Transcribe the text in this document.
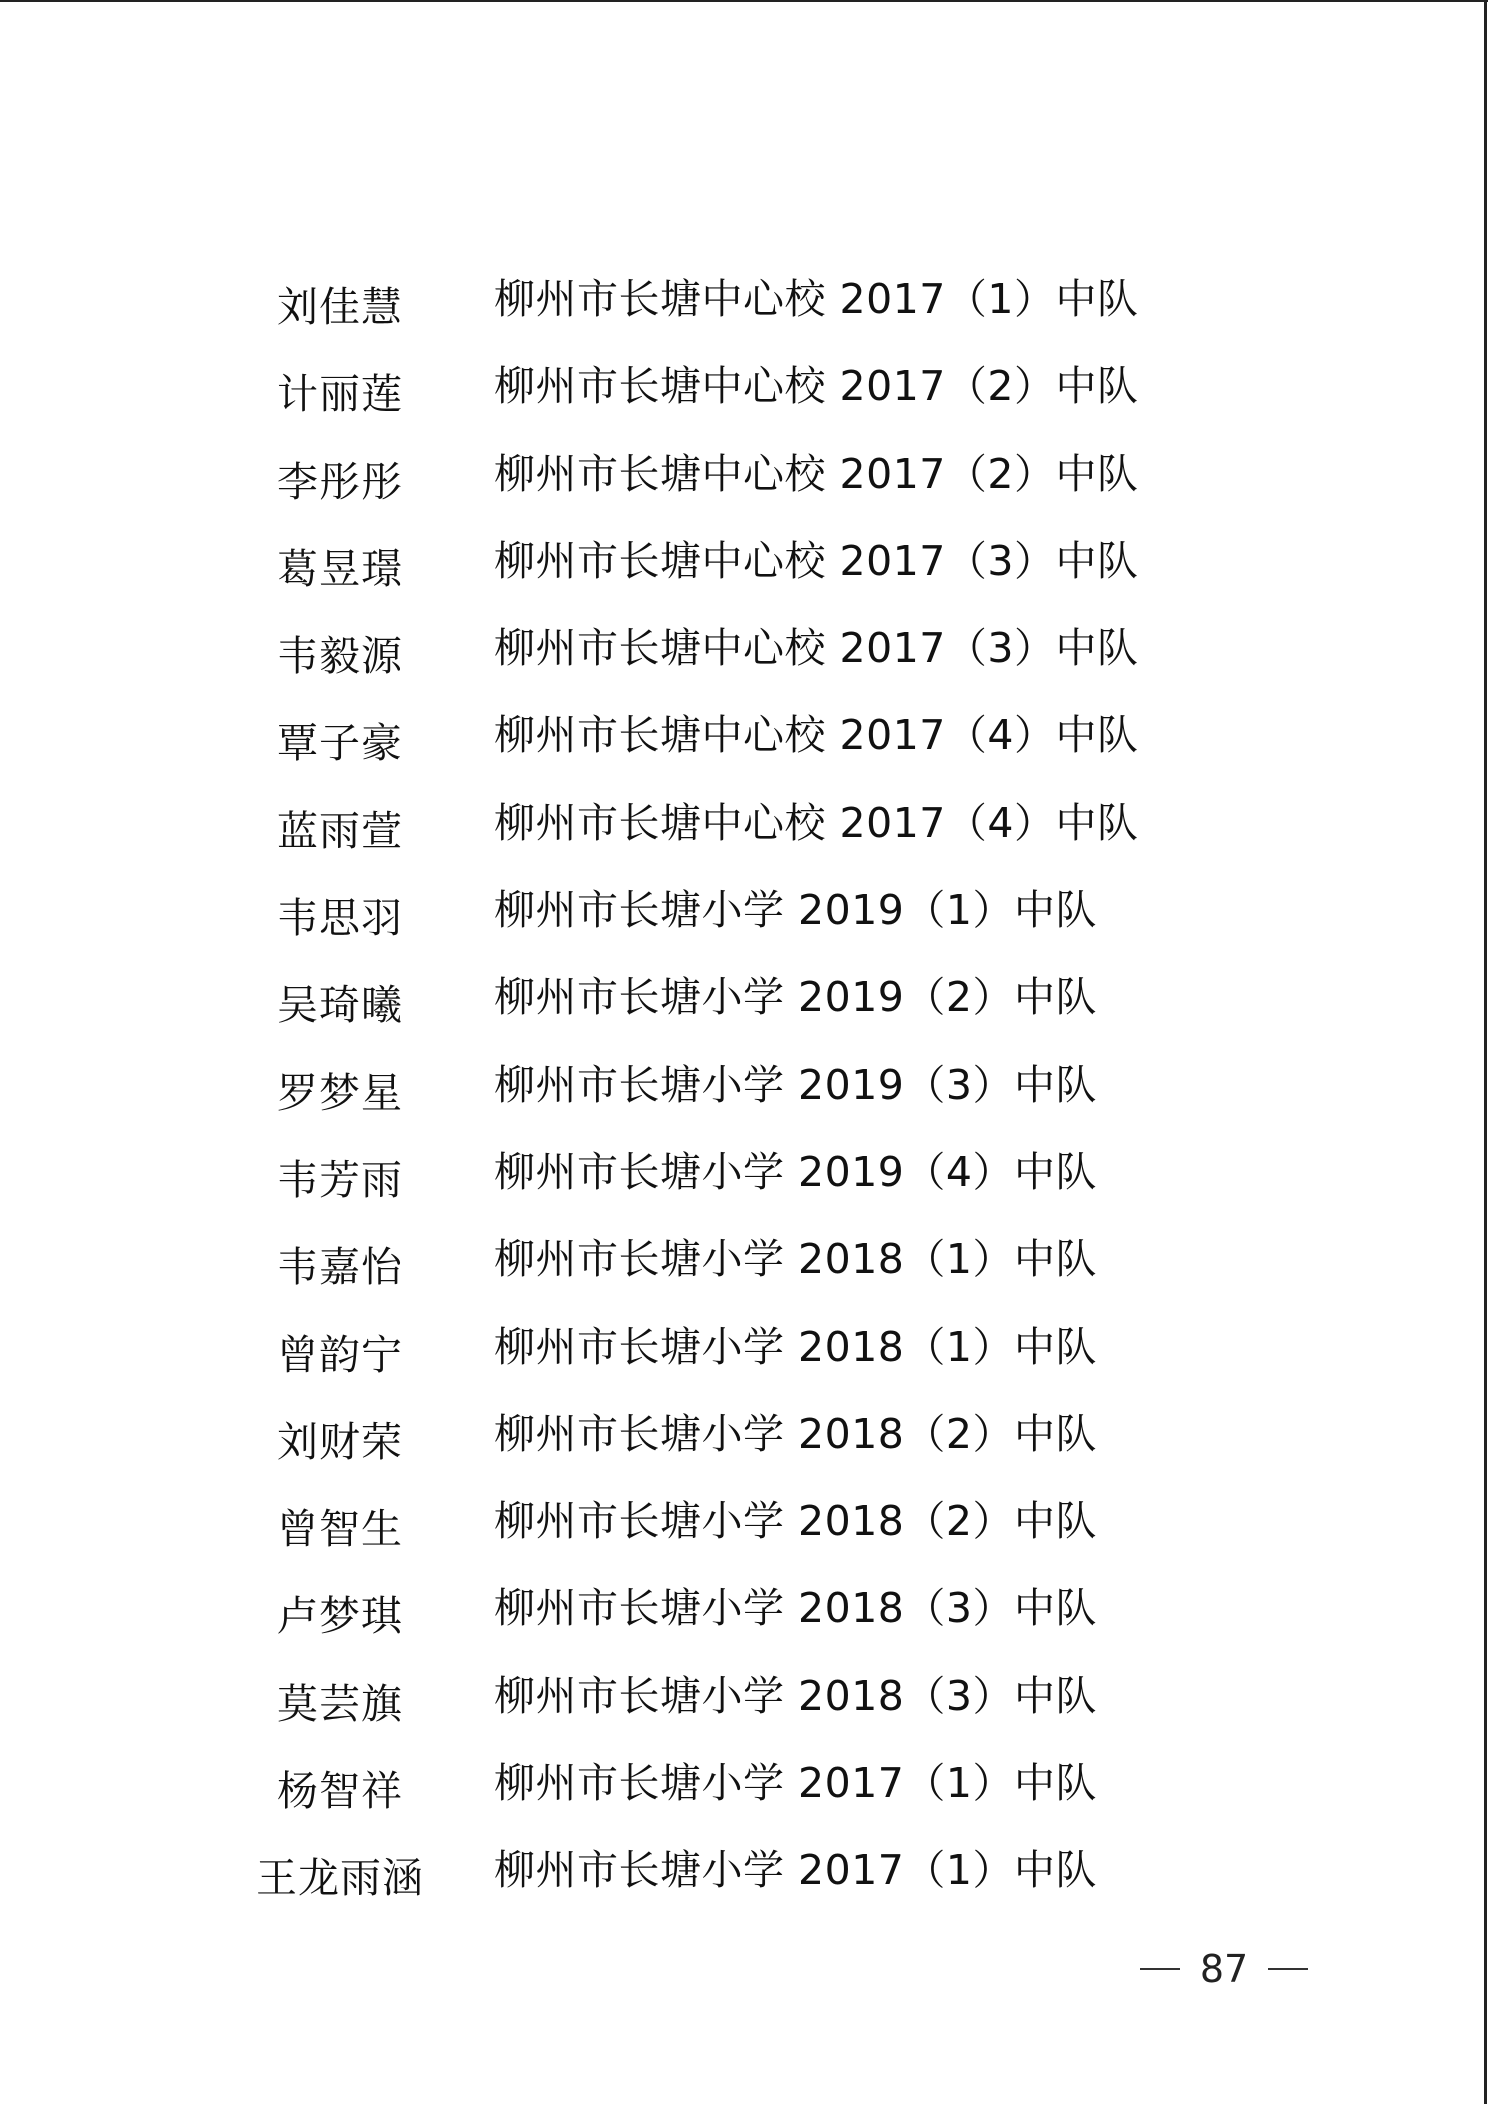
刘佳慧	柳州市长塘中心校 2017（1）中队
计丽莲	柳州市长塘中心校 2017（2）中队
李彤彤	柳州市长塘中心校 2017（2）中队
葛昱璟	柳州市长塘中心校 2017（3）中队
韦毅源	柳州市长塘中心校 2017（3）中队
覃子豪	柳州市长塘中心校 2017（4）中队
蓝雨萱	柳州市长塘中心校 2017（4）中队
韦思羽	柳州市长塘小学 2019（1）中队
吴琦曦	柳州市长塘小学 2019（2）中队
罗梦星	柳州市长塘小学 2019（3）中队
韦芳雨	柳州市长塘小学 2019（4）中队
韦嘉怡	柳州市长塘小学 2018（1）中队
曾韵宁	柳州市长塘小学 2018（1）中队
刘财荣	柳州市长塘小学 2018（2）中队
曾智生	柳州市长塘小学 2018（2）中队
卢梦琪	柳州市长塘小学 2018（3）中队
莫芸旗	柳州市长塘小学 2018（3）中队
杨智祥	柳州市长塘小学 2017（1）中队
王龙雨涵	柳州市长塘小学 2017（1）中队
87
